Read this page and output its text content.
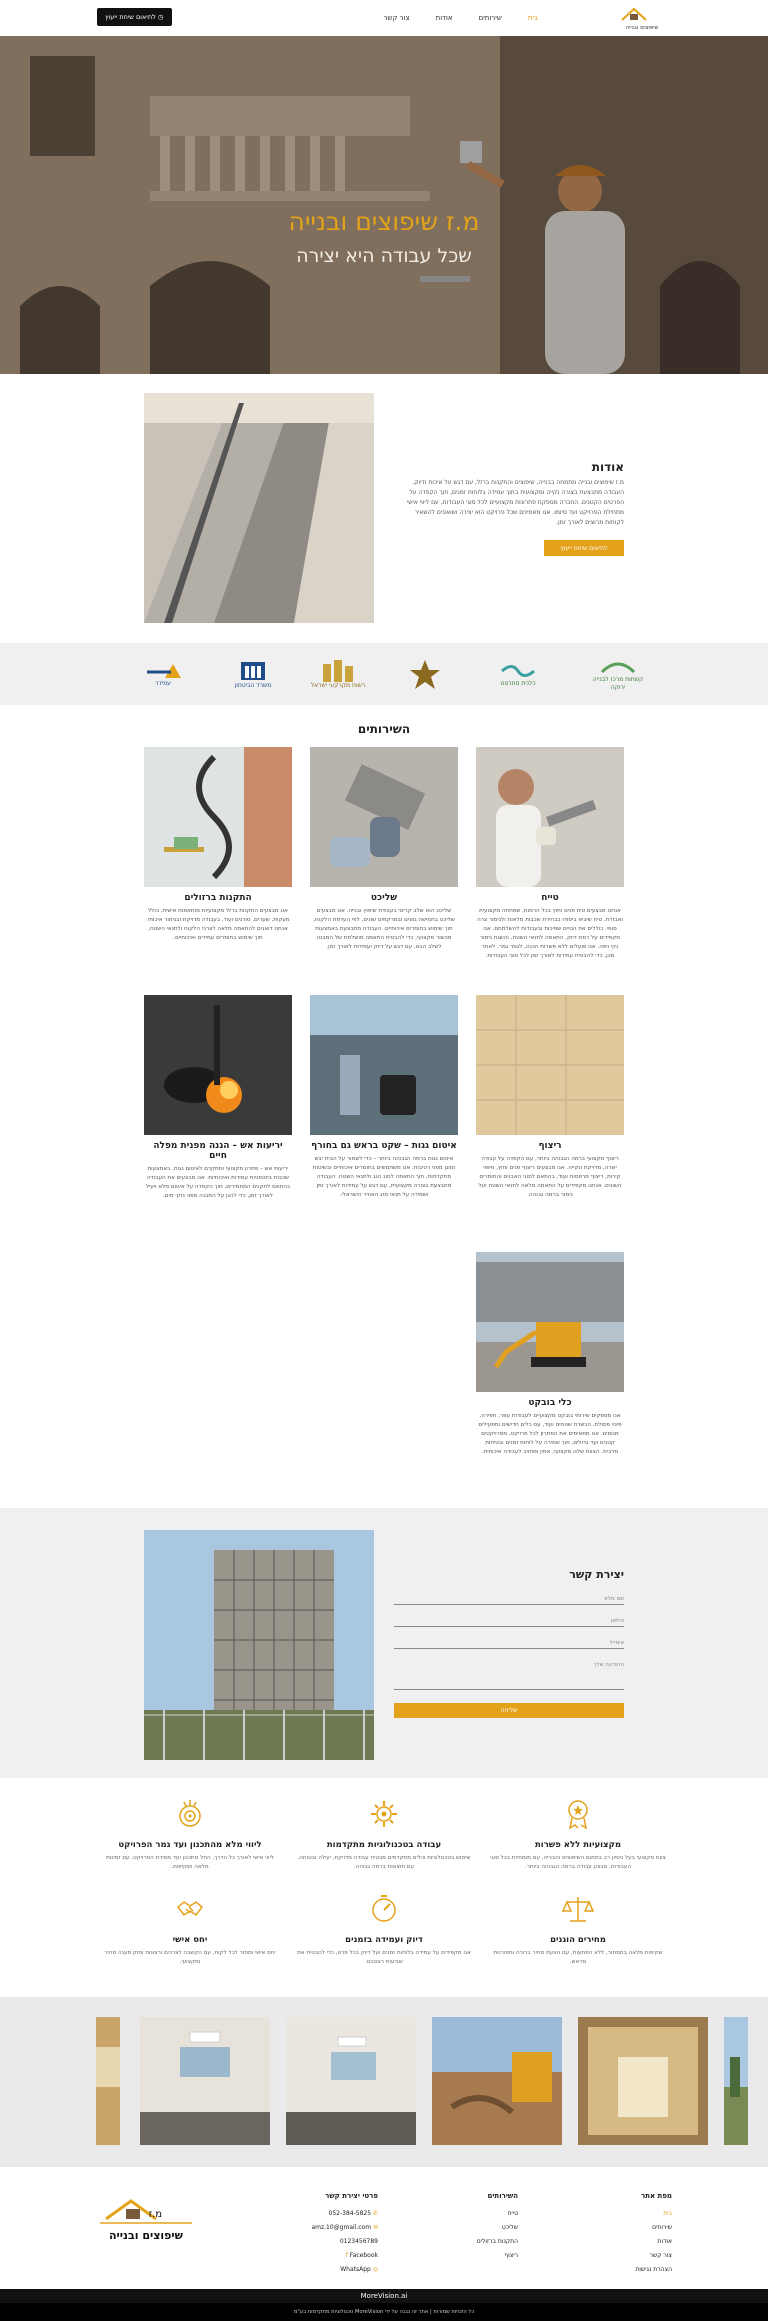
שיפוצים ובנייה
בית
שירותים
אודות
צור קשר
◷ לתיאום שיחת ייעוץ
מ.ז שיפוצים ובנייה
שכל עבודה היא יצירה
אודות
מ.ז שיפוצים ובנייה מתמחה בבנייה, שיפוצים והתקנות ברזל, עם דגש על איכות ודיוק. העבודה מתבצעת בצורה נקייה ומקצועית בתוך עמידה בלוחות זמנים, תוך הקפדה על הפרטים הקטנים. החברה מספקת פתרונות מקצועיים לכל סוגי העבודות, עם ליווי אישי מתחילת הפרויקט ועד סיומו. אנו מאמינים שכל פרויקט הוא יצירה ושואפים להשאיר לקוחות מרוצים לאורך זמן.
לתיאום שיחת ייעוץ
קשתות מרכז לבנייה ירוקה
כלנית סחרטט
רשות מקרקעי ישראל
משרד הביטחון
עמידר
השירותים
טייח

אנחנו מבצעים טיח פנים וחוץ בכל הרמות, שפחתה מקצועית ואבזרת. טיח שיביא ביסודו בבחירת שכבות מלאות ולגימור צרה סופי. כוללים את הטיים שפיכות ובעבודות להשלמתם. אנו מקפידים על רמת דיוק, התאמה לתנאי השטח, והשגת גימור נקי ויפה. אנו פועלים ללא פשרות הכנה, לגמר גמר, לאחר מכן, כדי להבטיח עמידות לאורך זמן לכל סוגי העבודות.

שליכט

שליכט הוא שלב קריטי בעבודת שיפוץ ובנייה. אנו מבצעים שליכט בחמישה גוונים ובמרקמים שונים, לפי העדפת הלקוח, תוך שימוש בחומרים איכותיים. העבודה מתבצעת באמצעות מכשור מקצועי, כדי להבטיח התאמה מושלמת של המבנה לשלב הבא, עם דגש על דיוק ועמידות לאורך זמן.

התקנות ברזולים

אנו מבצעים התקנות ברזל מקצועיות מותאמות אישית, כולל מעקות, שערים, סורגים ועוד, בעבודה מדויקת ובגימור איכותי. אנחנו דואגים להתאמה מלאה לצרכי הלקוח ולתנאי השטח, תוך שימוש בחומרים עמידים ואיכותיים.

ריצוף

ריצוף מקצועי ברמה הגבוהה ביותר, עם הקפדה על עבודה ישרה, מדויקת ונקייה. אנו מבצעים ריצוף פנים וחוץ, חיפוי קירות, ריצוף מרפסות ועוד, בהתאם לסוגי האבנים והחומרים השונים. אנחנו מקפידים על התאמה מלאה לתנאי השטח ועל גימור ברמה גבוהה.

איטום גגות – שקט בראש גם בחורף

איטום גגות ברמה הגבוהה ביותר – כדי לשמור על הבית יבש ומוגן מפני רטיבות. אנו משתמשים בחומרים איכותיים ובשיטות מתקדמות, תוך התאמה לסוג הגג ולתנאי השטח. העבודה מתבצעת בצורה מקצועית, עם דגש על עמידות לאורך זמן ושמירה על תנאי מזג האוויר הישראלי.

יריעות אש – הגנה מפנית מפלה חיים

יריעות אש – פתרון מקצועי ומתקדם לאיטום גגות, באמצעות שכבות ביטומניות עמידות ואיכותיות. אנו מבצעים את העבודה בהתאם לתקנים המחמירים, תוך הקפדה על איטום מלא ויעיל לאורך זמן, כדי להגן על המבנה מפני נזקי מים.

כלי בובקט

אנו מספקים שירותי בובקט מקצועיים לעבודות עפר, חפירה, פינוי פסולת, הכשרת שטחים ועוד, עם כלים חדישים ומפעילים מנוסים. אנו מתאימים את הפתרון לכל פרויקט, מפרויקטים קטנים ועד גדולים, תוך שמירה על לוחות זמנים ובטיחות מרבית. הצוות שלנו מקצועי, אמין ומחויב לעבודה איכותית.

יצירת קשר
שם מלא
טלפון
אימייל
ההודעה שלך
שליחה
מקצועיות ללא פשרות

צוות מקצועי בעל ניסיון רב בתחום השיפוצים והבנייה, עם מומחיות בכל סוגי העבודות, מבצע עבודה ברמה הגבוהה ביותר.

עבודה בטכנולוגיות מתקדמות

שימוש בטכנולוגיות וכלים מתקדמים מבטיח עבודה מדויקת, יעילה ובטוחה, עם תוצאות ברמה גבוהה.

ליווי מלא מהתכנון ועד גמר הפרויקט

ליווי אישי לאורך כל הדרך, החל מתכנון ועד מסירת הפרויקט, עם זמינות מלאה ושקיפות.

מחירים הוגנים

שקיפות מלאה בתמחור, ללא הפתעות, עם הצעת מחיר ברורה ומפורטת מראש.

דיוק ועמידה בזמנים

אנו מקפידים על עמידה בלוחות זמנים ועל דיוק בכל פרט, כדי להבטיח את שביעות רצונכם.

יחס אישי

יחס אישי ומסור לכל לקוח, עם הקשבה לצרכים ורצונות ומתן מענה מהיר ומקצועי.

מפת אתר
בית
שירותים
אודות
צור קשר
הצהרת נגישות
השירותים
טייח
שליכט
התקנות ברזולים
ריצוף
פרטי יצירת קשר
✆ 052-384-5825
✉ amz.10@gmail.com 0123456789
f Facebook
◎ WhatsApp
מ.ז
שיפוצים ובנייה
MoreVision.ai
כל הזכויות שמורות | אתר זה נבנה על ידי MoreVision טכנולוגיות מתקדמות בע"מ
